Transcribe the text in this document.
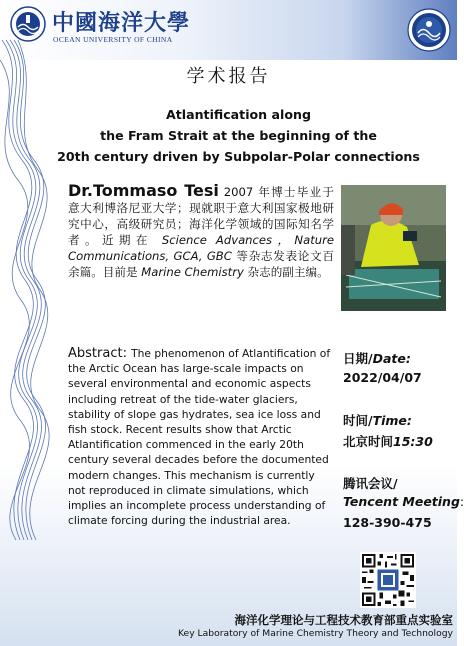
中國海洋大學
OCEAN UNIVERSITY OF CHINA
学术报告
Atlantification along
the Fram Strait at the beginning of the
20th century driven by Subpolar-Polar connections
Dr.Tommaso Tesi 2007 年博士毕业于意大利博洛尼亚大学；现就职于意大利国家极地研究中心，高级研究员；海洋化学领域的国际知名学者。近期在 Science Advances，Nature Communications, GCA, GBC 等杂志发表论文百余篇。目前是 Marine Chemistry 杂志的副主编。
Abstract: The phenomenon of Atlantification of the Arctic Ocean has large-scale impacts on several environmental and economic aspects including retreat of the tide-water glaciers, stability of slope gas hydrates, sea ice loss and fish stock. Recent results show that Arctic Atlantification commenced in the early 20th century several decades before the documented modern changes. This mechanism is currently not reproduced in climate simulations, which implies an incomplete process understanding of climate forcing during the industrial area.
日期/Date:
2022/04/07
时间/Time:
北京时间15:30
腾讯会议/
Tencent Meeting:
128-390-475
海洋化学理论与工程技术教育部重点实验室
Key Laboratory of Marine Chemistry Theory and Technology
